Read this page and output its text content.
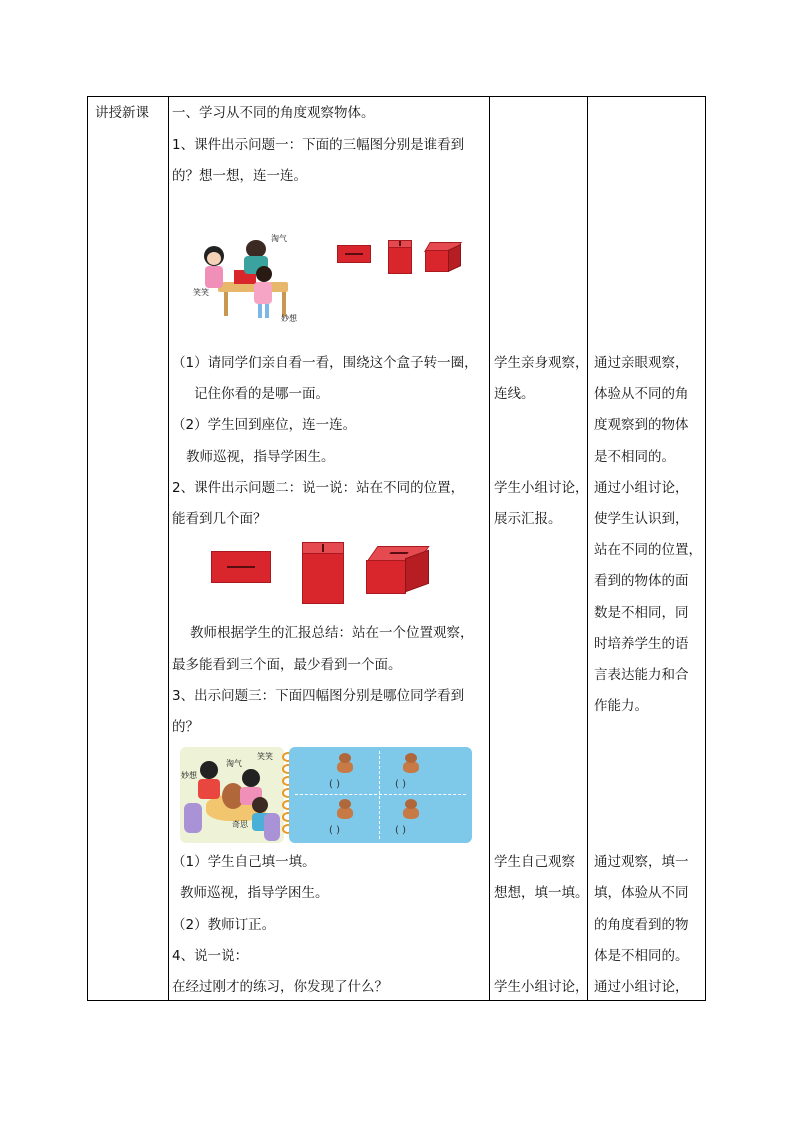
讲授新课 一、学习从不同的角度观察物体。
1、课件出示问题一：下面的三幅图分别是谁看到
的？想一想，连一连。
淘气
笑笑
妙想
（1）请同学们亲自看一看，围绕这个盒子转一圈，
记住你看的是哪一面。
（2）学生回到座位，连一连。
教师巡视，指导学困生。
2、课件出示问题二：说一说：站在不同的位置，
能看到几个面？
教师根据学生的汇报总结：站在一个位置观察，
最多能看到三个面，最少看到一个面。
3、出示问题三：下面四幅图分别是哪位同学看到
的？
淘气
笑笑
妙想
奇思
( )	( )
( )	( )
（1）学生自己填一填。
教师巡视，指导学困生。
（2）教师订正。
4、说一说：
在经过刚才的练习，你发现了什么？
学生亲身观察，
连线。
学生小组讨论，
展示汇报。
学生自己观察
想想，填一填。
学生小组讨论，
通过亲眼观察，
体验从不同的角
度观察到的物体
是不相同的。
通过小组讨论，
使学生认识到，
站在不同的位置，
看到的物体的面
数是不相同，同
时培养学生的语
言表达能力和合
作能力。
通过观察，填一
填，体验从不同
的角度看到的物
体是不相同的。
通过小组讨论，
